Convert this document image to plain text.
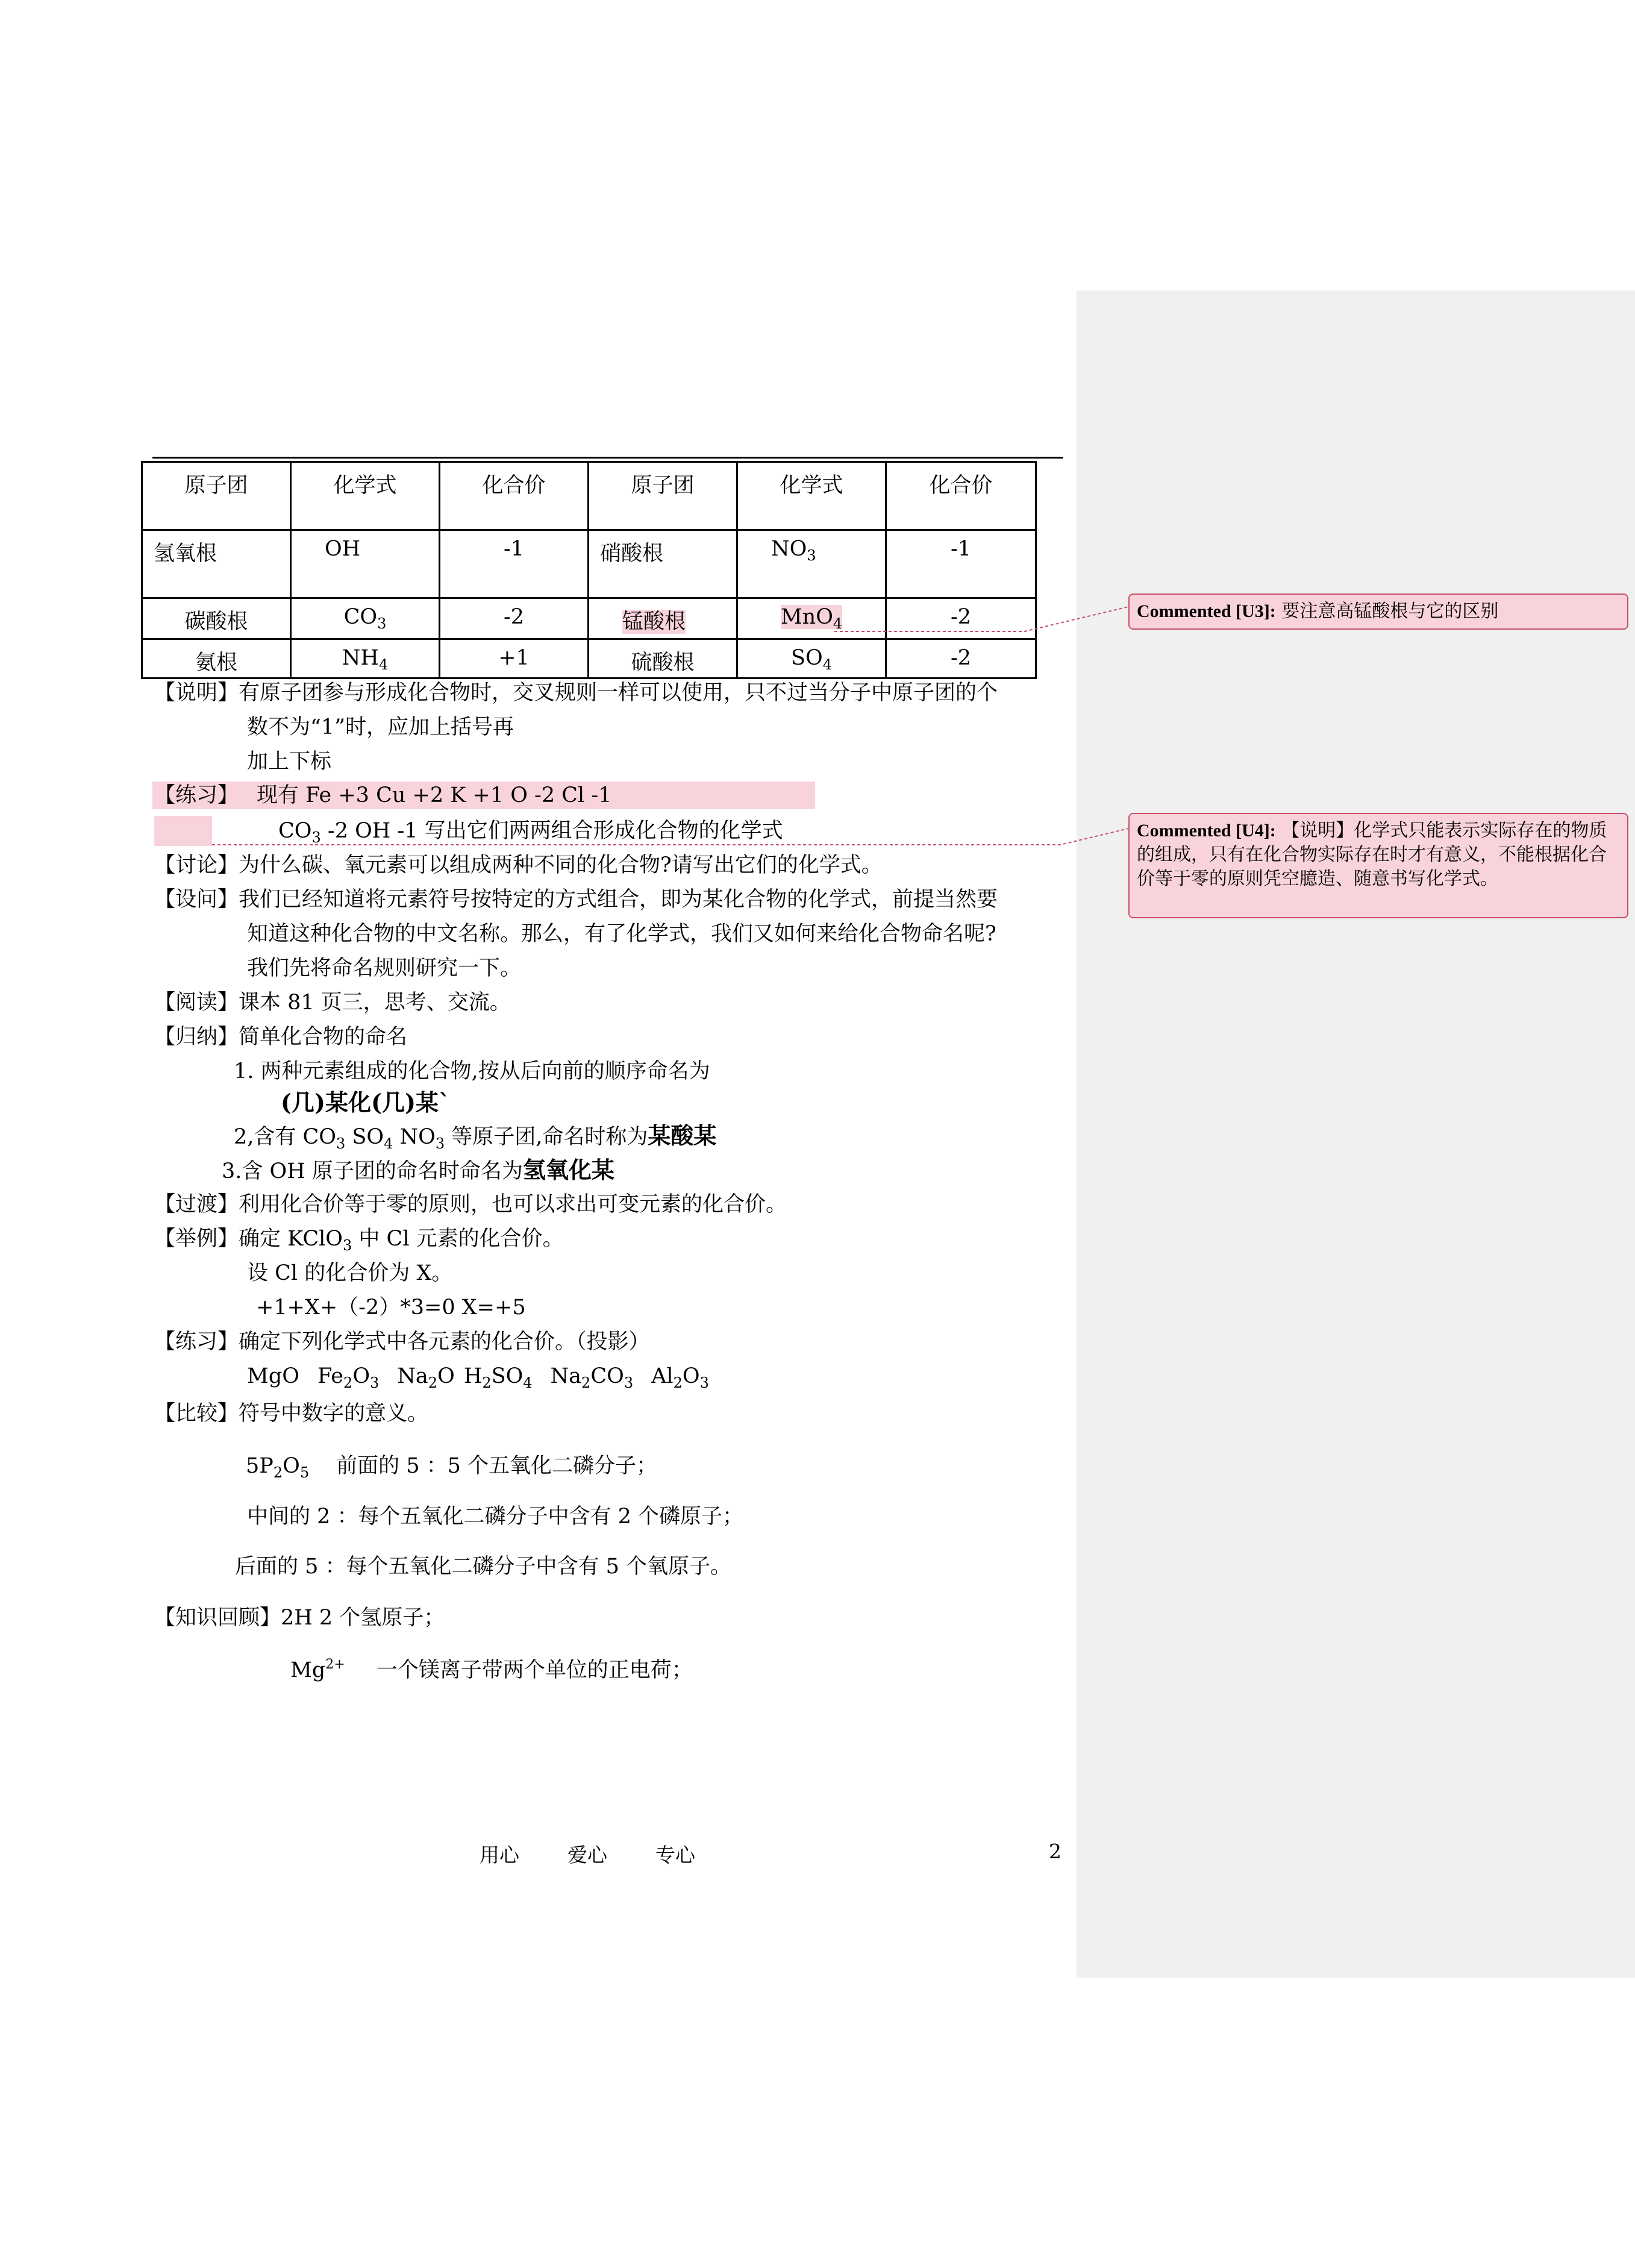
原子团	化学式	化合价	原子团	化学式	化合价

氢氧根	OH	-1	硝酸根	$NO_3$	-1

碳酸根	$CO_3$	-2	锰酸根	MnO$_4$	-2

氨根	$NH_4$	+1	硫酸根	$SO_4$	-2
【说明】有原子团参与形成化合物时，交叉规则一样可以使用，只不过当分子中原子团的个
数不为“1”时，应加上括号再
加上下标
【练习】 现有 Fe +3 Cu +2 K +1 O -2 Cl -1
$CO_3$ -2 OH -1 写出它们两两组合形成化合物的化学式
【讨论】为什么碳、氧元素可以组成两种不同的化合物?请写出它们的化学式。
【设问】我们已经知道将元素符号按特定的方式组合，即为某化合物的化学式，前提当然要
知道这种化合物的中文名称。那么，有了化学式，我们又如何来给化合物命名呢?
我们先将命名规则研究一下。
【阅读】课本 81 页三，思考、交流。
【归纳】简单化合物的命名
1. 两种元素组成的化合物,按从后向前的顺序命名为
(几)某化(几)某`
2,含有 $CO_3$ $SO_4$ $NO_3$ 等原子团,命名时称为某酸某
3.含 OH 原子团的命名时命名为氢氧化某
【过渡】利用化合价等于零的原则，也可以求出可变元素的化合价。
【举例】确定 KClO$_3$ 中 Cl 元素的化合价。
设 Cl 的化合价为 X。
+1+X+（-2）*3=0 X=+5
【练习】确定下列化学式中各元素的化合价。（投影）
MgO $Fe_2O_3$ $Na_2O$ $H_2SO_4$ $Na_2CO_3$ $Al_2O_3$
【比较】符号中数字的意义。
$5P_2O_5$ 前面的 5 ：5 个五氧化二磷分子；
中间的 2 ：每个五氧化二磷分子中含有 2 个磷原子；
后面的 5 ：每个五氧化二磷分子中含有 5 个氧原子。
【知识回顾】2H 2 个氢原子；
$Mg^{2+}$ 一个镁离子带两个单位的正电荷；
Commented [U3]: 要注意高锰酸根与它的区别
Commented [U4]: 【说明】化学式只能表示实际存在的物质的组成，只有在化合物实际存在时才有意义，不能根据化合价等于零的原则凭空臆造、随意书写化学式。
用心 爱心 专心	2
